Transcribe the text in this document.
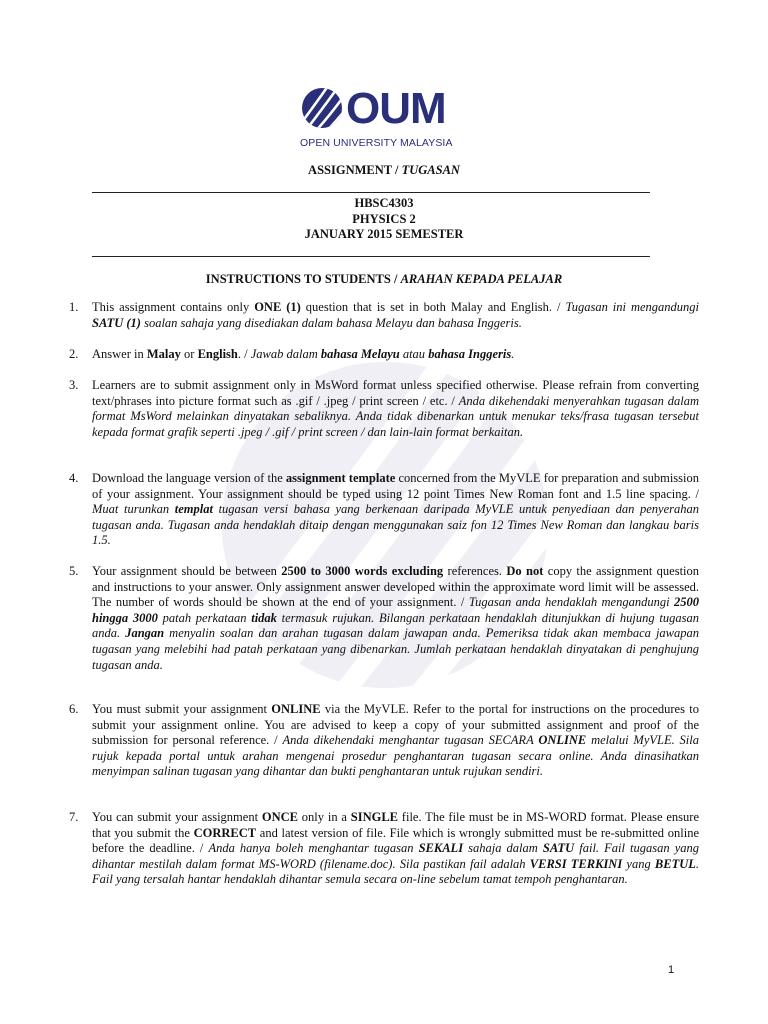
OUM
OPEN UNIVERSITY MALAYSIA
ASSIGNMENT / TUGASAN
HBSC4303
PHYSICS 2
JANUARY 2015 SEMESTER
INSTRUCTIONS TO STUDENTS / ARAHAN KEPADA PELAJAR
1. This assignment contains only ONE (1) question that is set in both Malay and English. / Tugasan ini mengandungi SATU (1) soalan sahaja yang disediakan dalam bahasa Melayu dan bahasa Inggeris.
2. Answer in Malay or English. / Jawab dalam bahasa Melayu atau bahasa Inggeris.
3. Learners are to submit assignment only in MsWord format unless specified otherwise. Please refrain from converting text/phrases into picture format such as .gif / .jpeg / print screen / etc. / Anda dikehendaki menyerahkan tugasan dalam format MsWord melainkan dinyatakan sebaliknya. Anda tidak dibenarkan untuk menukar teks/frasa tugasan tersebut kepada format grafik seperti .jpeg / .gif / print screen / dan lain-lain format berkaitan.
4. Download the language version of the assignment template concerned from the MyVLE for preparation and submission of your assignment. Your assignment should be typed using 12 point Times New Roman font and 1.5 line spacing. / Muat turunkan templat tugasan versi bahasa yang berkenaan daripada MyVLE untuk penyediaan dan penyerahan tugasan anda. Tugasan anda hendaklah ditaip dengan menggunakan saiz fon 12 Times New Roman dan langkau baris 1.5.
5. Your assignment should be between 2500 to 3000 words excluding references. Do not copy the assignment question and instructions to your answer. Only assignment answer developed within the approximate word limit will be assessed. The number of words should be shown at the end of your assignment. / Tugasan anda hendaklah mengandungi 2500 hingga 3000 patah perkataan tidak termasuk rujukan. Bilangan perkataan hendaklah ditunjukkan di hujung tugasan anda. Jangan menyalin soalan dan arahan tugasan dalam jawapan anda. Pemeriksa tidak akan membaca jawapan tugasan yang melebihi had patah perkataan yang dibenarkan. Jumlah perkataan hendaklah dinyatakan di penghujung tugasan anda.
6. You must submit your assignment ONLINE via the MyVLE. Refer to the portal for instructions on the procedures to submit your assignment online. You are advised to keep a copy of your submitted assignment and proof of the submission for personal reference. / Anda dikehendaki menghantar tugasan SECARA ONLINE melalui MyVLE. Sila rujuk kepada portal untuk arahan mengenai prosedur penghantaran tugasan secara online. Anda dinasihatkan menyimpan salinan tugasan yang dihantar dan bukti penghantaran untuk rujukan sendiri.
7. You can submit your assignment ONCE only in a SINGLE file. The file must be in MS-WORD format. Please ensure that you submit the CORRECT and latest version of file. File which is wrongly submitted must be re-submitted online before the deadline. / Anda hanya boleh menghantar tugasan SEKALI sahaja dalam SATU fail. Fail tugasan yang dihantar mestilah dalam format MS-WORD (filename.doc). Sila pastikan fail adalah VERSI TERKINI yang BETUL. Fail yang tersalah hantar hendaklah dihantar semula secara on-line sebelum tamat tempoh penghantaran.
1
